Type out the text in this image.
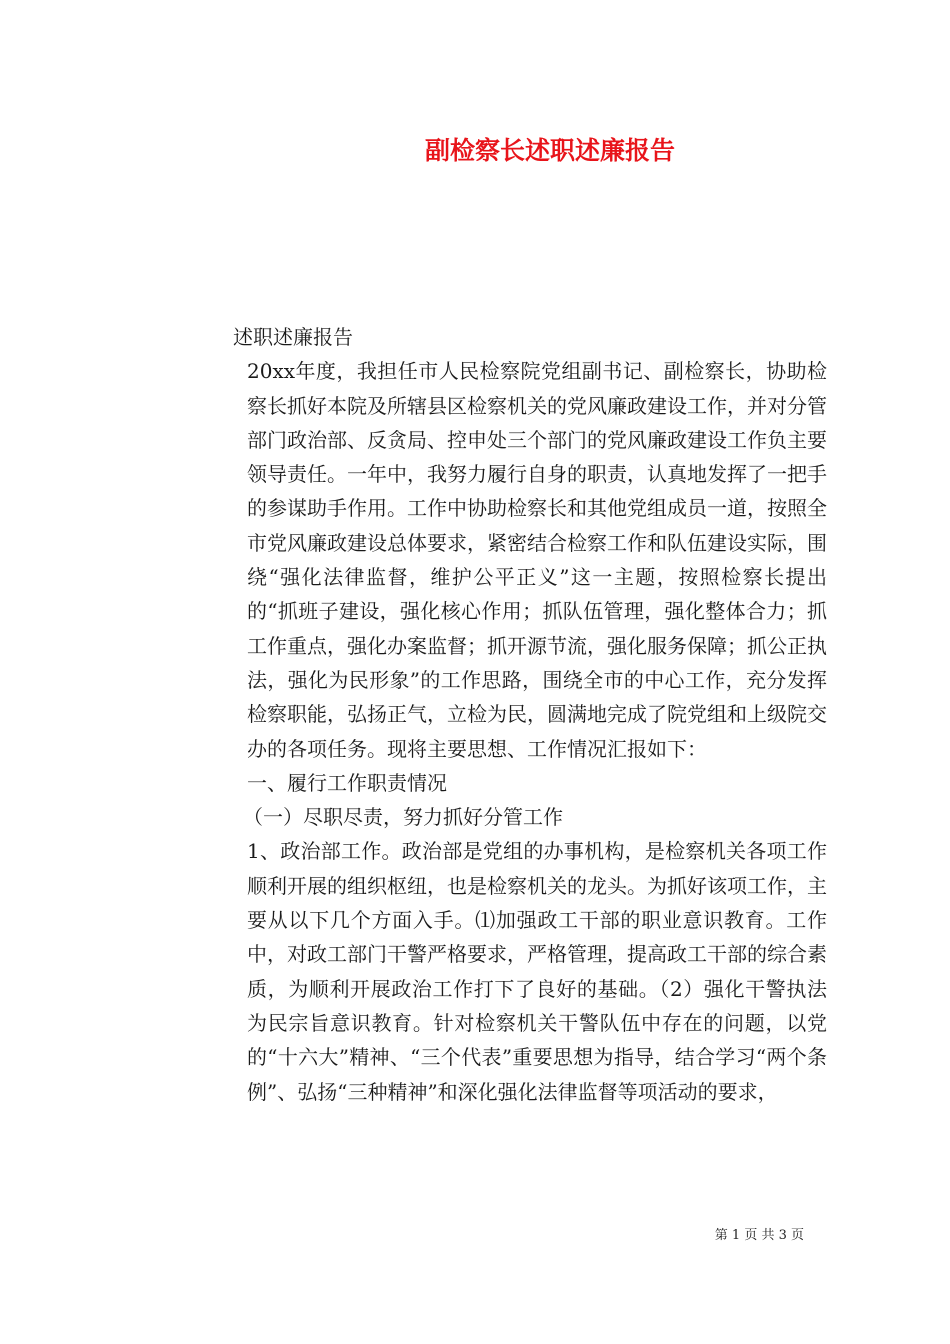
副检察长述职述廉报告

述职述廉报告

20xx年度，我担任市人民检察院党组副书记、副检察长，协助检察长抓好本院及所辖县区检察机关的党风廉政建设工作，并对分管部门政治部、反贪局、控申处三个部门的党风廉政建设工作负主要领导责任。一年中，我努力履行自身的职责，认真地发挥了一把手的参谋助手作用。工作中协助检察长和其他党组成员一道，按照全市党风廉政建设总体要求，紧密结合检察工作和队伍建设实际，围绕“强化法律监督，维护公平正义”这一主题，按照检察长提出的“抓班子建设，强化核心作用；抓队伍管理，强化整体合力；抓工作重点，强化办案监督；抓开源节流，强化服务保障；抓公正执法，强化为民形象”的工作思路，围绕全市的中心工作，充分发挥检察职能，弘扬正气，立检为民，圆满地完成了院党组和上级院交办的各项任务。现将主要思想、工作情况汇报如下：

一、履行工作职责情况

（一）尽职尽责，努力抓好分管工作

1、政治部工作。政治部是党组的办事机构，是检察机关各项工作顺利开展的组织枢纽，也是检察机关的龙头。为抓好该项工作，主要从以下几个方面入手。⑴加强政工干部的职业意识教育。工作中，对政工部门干警严格要求，严格管理，提高政工干部的综合素质，为顺利开展政治工作打下了良好的基础。（2）强化干警执法为民宗旨意识教育。针对检察机关干警队伍中存在的问题，以党的“十六大”精神、“三个代表”重要思想为指导，结合学习“两个条例”、弘扬“三种精神”和深化强化法律监督等项活动的要求，

第 1 页 共 3 页
